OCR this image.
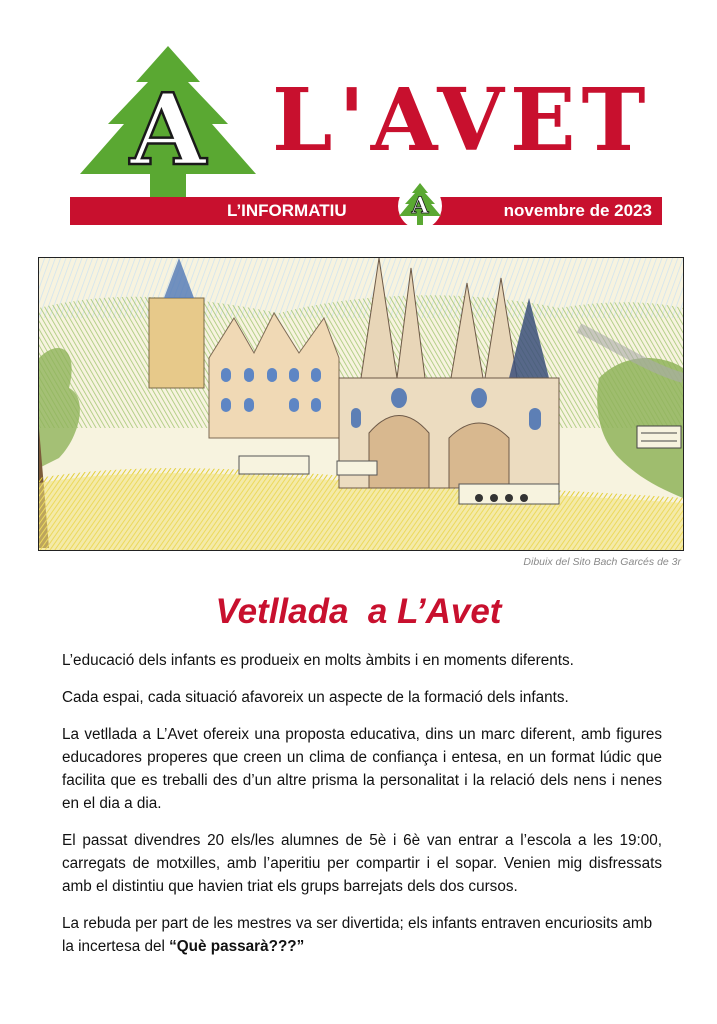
A L'AVET
L’INFORMATIU	novembre de 2023
A
Dibuix del Sito Bach Garcés de 3r
Vetllada  a L’Avet

L’educació dels infants es produeix en molts àmbits i en moments diferents.

Cada espai, cada situació afavoreix un aspecte de la formació dels infants.

La vetllada a L’Avet ofereix una proposta educativa, dins un marc diferent, amb figures educadores properes que creen un clima de confiança i entesa, en un format lúdic que facilita que es treballi des d’un altre prisma la personalitat i la relació dels nens i nenes en el dia a dia.

El passat divendres 20 els/les alumnes de 5è i 6è van entrar a l’escola a les 19:00, carregats de motxilles, amb l’aperitiu per compartir i el sopar. Venien mig disfressats amb el distintiu que havien triat els grups barrejats dels dos cursos.

La rebuda per part de les mestres va ser divertida; els infants entraven encuriosits amb la incertesa del “Què passarà???”
